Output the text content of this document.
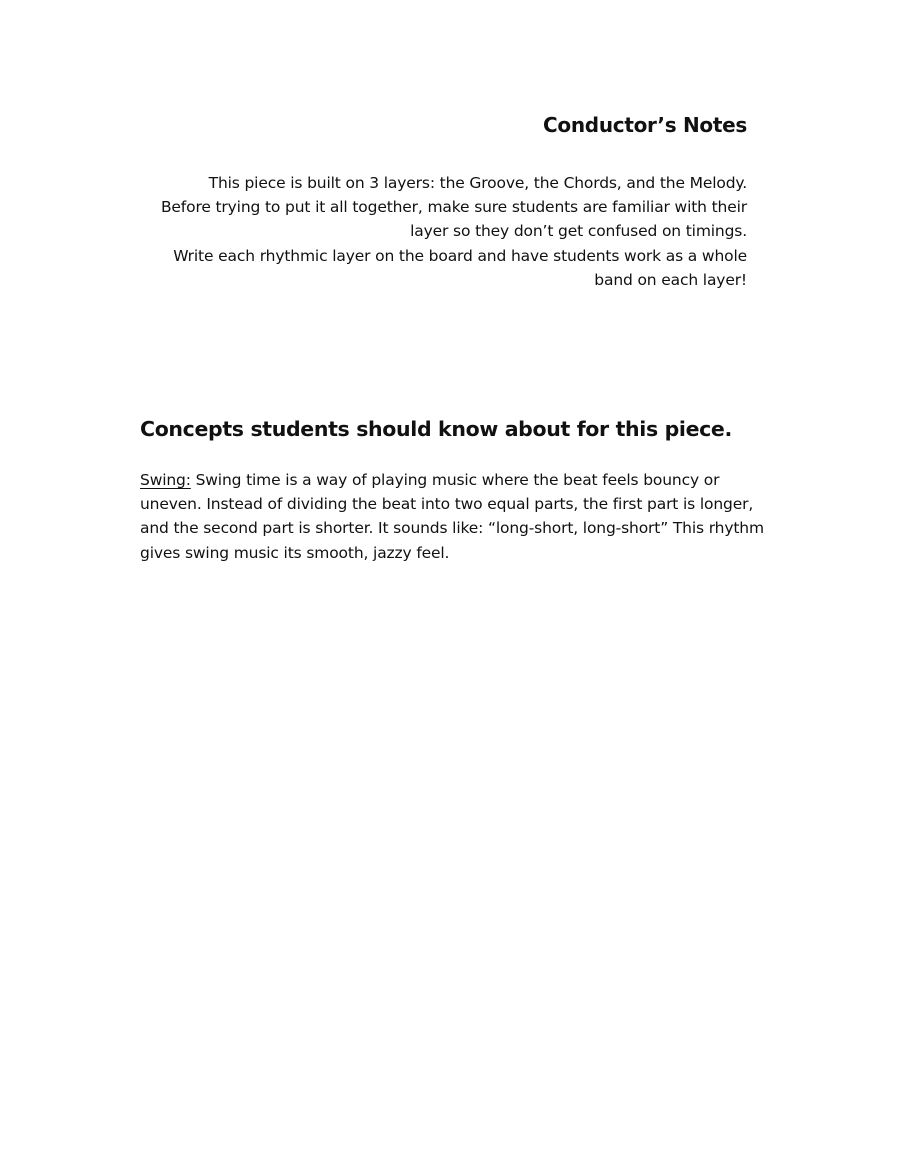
Conductor’s Notes

This piece is built on 3 layers: the Groove, the Chords, and the Melody.
Before trying to put it all together, make sure students are familiar with their
layer so they don’t get confused on timings.
Write each rhythmic layer on the board and have students work as a whole
band on each layer!

Concepts students should know about for this piece.

Swing: Swing time is a way of playing music where the beat feels bouncy or
uneven. Instead of dividing the beat into two equal parts, the first part is longer,
and the second part is shorter. It sounds like: “long-short, long-short” This rhythm
gives swing music its smooth, jazzy feel.
